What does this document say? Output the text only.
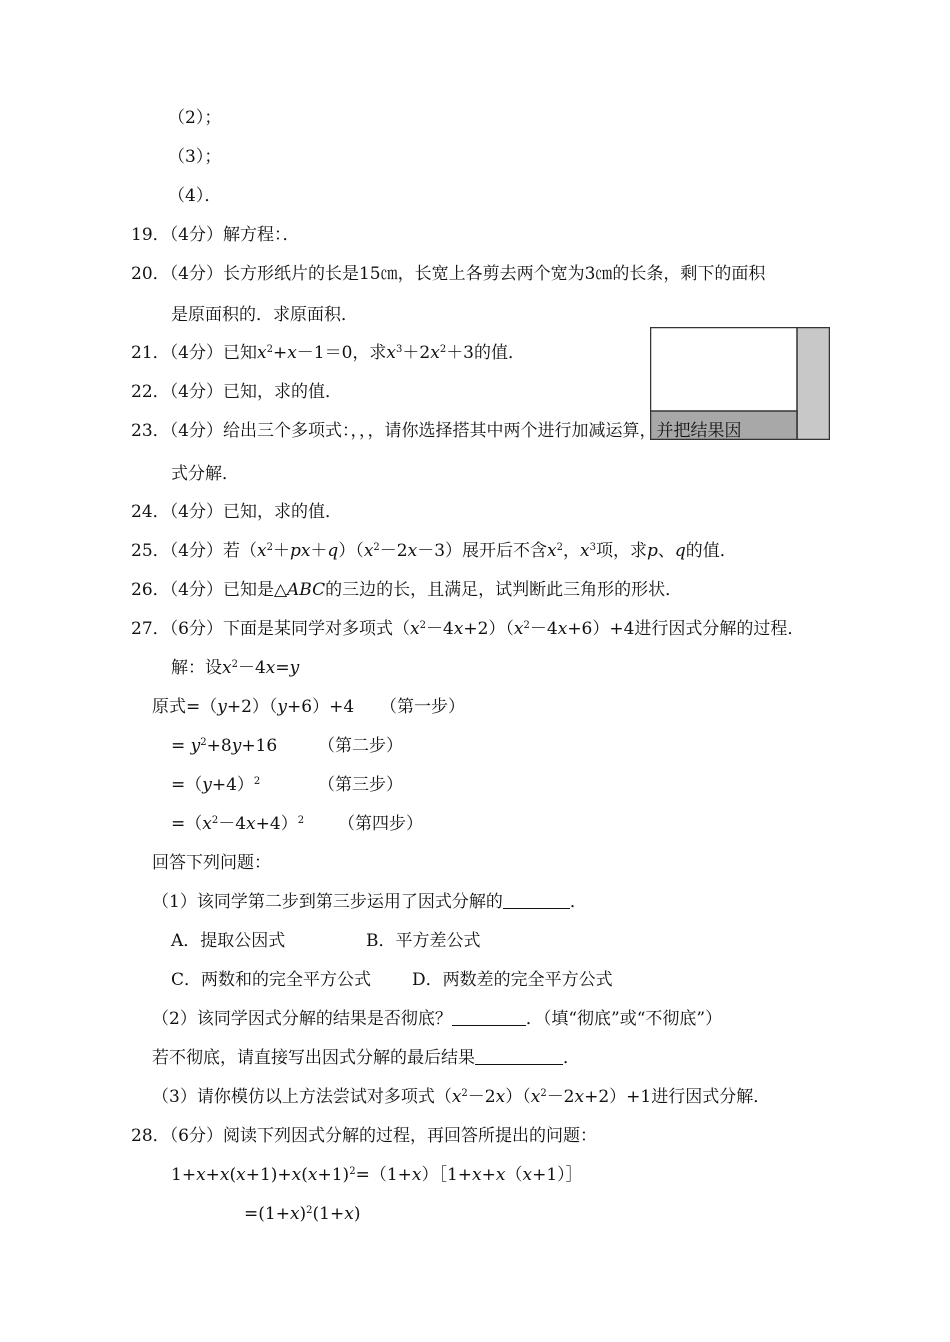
（2）；
（3）；
（4）．
19．（4分）解方程：．
20．（4分）长方形纸片的长是15㎝，长宽上各剪去两个宽为3㎝的长条，剩下的面积
是原面积的．求原面积．
21．（4分）已知$x^2+x-1=0$，求$x^3+2x^2+3$的值．
22．（4分）已知，求的值．
23．（4分）给出三个多项式：，，，请你选择搭其中两个进行加减运算，并把结果因
式分解．
24．（4分）已知，求的值．
25．（4分）若$(x^2+px+q)(x^2-2x-3)$展开后不含$x^2$，$x^3$项，求p、q的值．
26．（4分）已知是△ABC的三边的长，且满足，试判断此三角形的形状．
27．（6分）下面是某同学对多项式$(x^2-4x+2)(x^2-4x+6)+4$进行因式分解的过程．
解：设$x^2-4x=y$
原式=（y+2）（y+6）+4 （第一步）
= $y^2+8y+16$ （第二步）
$=(y+4)^2$	（第三步）
$=(x^2-4x+4)^2$ （第四步）
回答下列问题：
（1）该同学第二步到第三步运用了因式分解的	．
A．提取公因式	B．平方差公式
C．两数和的完全平方公式 D．两数差的完全平方公式
（2）该同学因式分解的结果是否彻底？	．（填“彻底”或“不彻底”）
若不彻底，请直接写出因式分解的最后结果	．
（3）请你模仿以上方法尝试对多项式$(x^2-2x)(x^2-2x+2)+1$进行因式分解．
28．（6分）阅读下列因式分解的过程，再回答所提出的问题：
$1+x+x(x+1)+x(x+1)^2=(1+x)[1+x+x(x+1)]$
$=(1+x)^2(1+x)$
